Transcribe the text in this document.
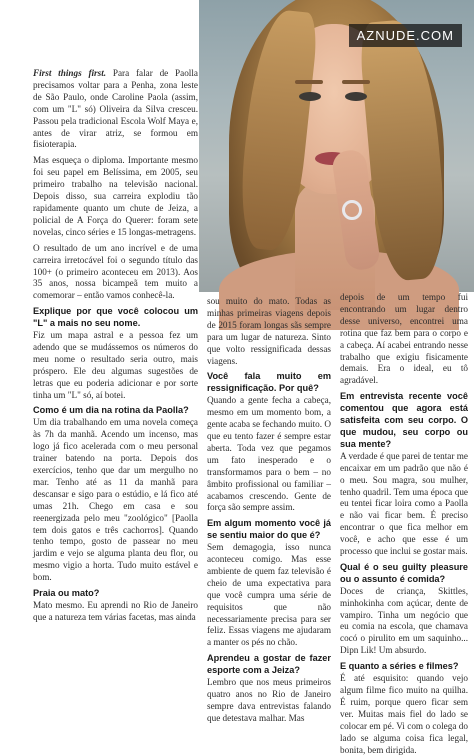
AZNUDE.COM

First things first. Para falar de Paolla precisamos voltar para a Penha, zona leste de São Paulo, onde Caroline Paola (assim, com um "L" só) Oliveira da Silva cresceu. Passou pela tradicional Escola Wolf Maya e, antes de virar atriz, se formou em fisioterapia.

Mas esqueça o diploma. Importante mesmo foi seu papel em Belíssima, em 2005, seu primeiro trabalho na televisão nacional. Depois disso, sua carreira explodiu tão rapidamente quanto um chute de Jeiza, a policial de A Força do Querer: foram sete novelas, cinco séries e 15 longas-metragens.

O resultado de um ano incrível e de uma carreira irretocável foi o segundo título das 100+ (o primeiro aconteceu em 2013). Aos 35 anos, nossa bicampeã tem muito a comemorar – então vamos conhecê-la.

Explique por que você colocou um "L" a mais no seu nome.
Fiz um mapa astral e a pessoa fez um adendo que se mudássemos os números do meu nome o resultado seria outro, mais próspero. Ele deu algumas sugestões de letras que eu poderia adicionar e por sorte tinha um "L" só, aí botei.

Como é um dia na rotina da Paolla?
Um dia trabalhando em uma novela começa às 7h da manhã. Acendo um incenso, mas logo já fico acelerada com o meu personal trainer batendo na porta. Depois dos exercícios, tenho que dar um mergulho no mar. Tenho até as 11 da manhã para descansar e sigo para o estúdio, e lá fico até umas 21h. Chego em casa e sou reenergizada pelo meu "zoológico" [Paolla tem dois gatos e três cachorros]. Quando tenho tempo, gosto de passear no meu jardim e vejo se alguma planta deu flor, ou mesmo vigio a horta. Tudo muito estável e bom.

Praia ou mato?
Mato mesmo. Eu aprendi no Rio de Janeiro que a natureza tem várias facetas, mas ainda

sou muito do mato. Todas as minhas primeiras viagens depois de 2015 foram longas sãs sempre para um lugar de natureza. Sinto que volto ressignificada dessas viagens.

Você fala muito em ressignificação. Por quê?
Quando a gente fecha a cabeça, mesmo em um momento bom, a gente acaba se fechando muito. O que eu tento fazer é sempre estar aberta. Toda vez que pegamos um fato inesperado e o transformamos para o bem – no âmbito profissional ou familiar – acabamos crescendo. Gente de força são sempre assim.

Em algum momento você já se sentiu maior do que é?
Sem demagogia, isso nunca aconteceu comigo. Mas esse ambiente de quem faz televisão é cheio de uma expectativa para que você cumpra uma série de requisitos que não necessariamente precisa para ser feliz. Essas viagens me ajudaram a manter os pés no chão.

Aprendeu a gostar de fazer esporte com a Jeiza?
Lembro que nos meus primeiros quatro anos no Rio de Janeiro sempre dava entrevistas falando que detestava malhar. Mas

depois de um tempo fui encontrando um lugar dentro desse universo, encontrei uma rotina que faz bem para o corpo e a cabeça. Aí acabei entrando nesse trabalho que exigiu fisicamente demais. Era o ideal, eu tô agradável.

Em entrevista recente você comentou que agora está satisfeita com seu corpo. O que mudou, seu corpo ou sua mente?
A verdade é que parei de tentar me encaixar em um padrão que não é o meu. Sou magra, sou mulher, tenho quadril. Tem uma época que eu tentei ficar loira como a Paolla e não vai ficar bem. É preciso encontrar o que fica melhor em você, e acho que esse é um processo que inclui se gostar mais.

Qual é o seu guilty pleasure ou o assunto é comida?
Doces de criança, Skittles, minhokinha com açúcar, dente de vampiro. Tinha um negócio que eu comia na escola, que chamava cocó o pirulito em um saquinho... Dipn Lik! Um absurdo.

E quanto a séries e filmes?
É até esquisito: quando vejo algum filme fico muito na quilha. É ruim, porque quero ficar sem ver. Muitas mais fiel do lado se colocar em pé. Vi com o colega do lado se alguma coisa fica legal, bonita, bem dirigida.
